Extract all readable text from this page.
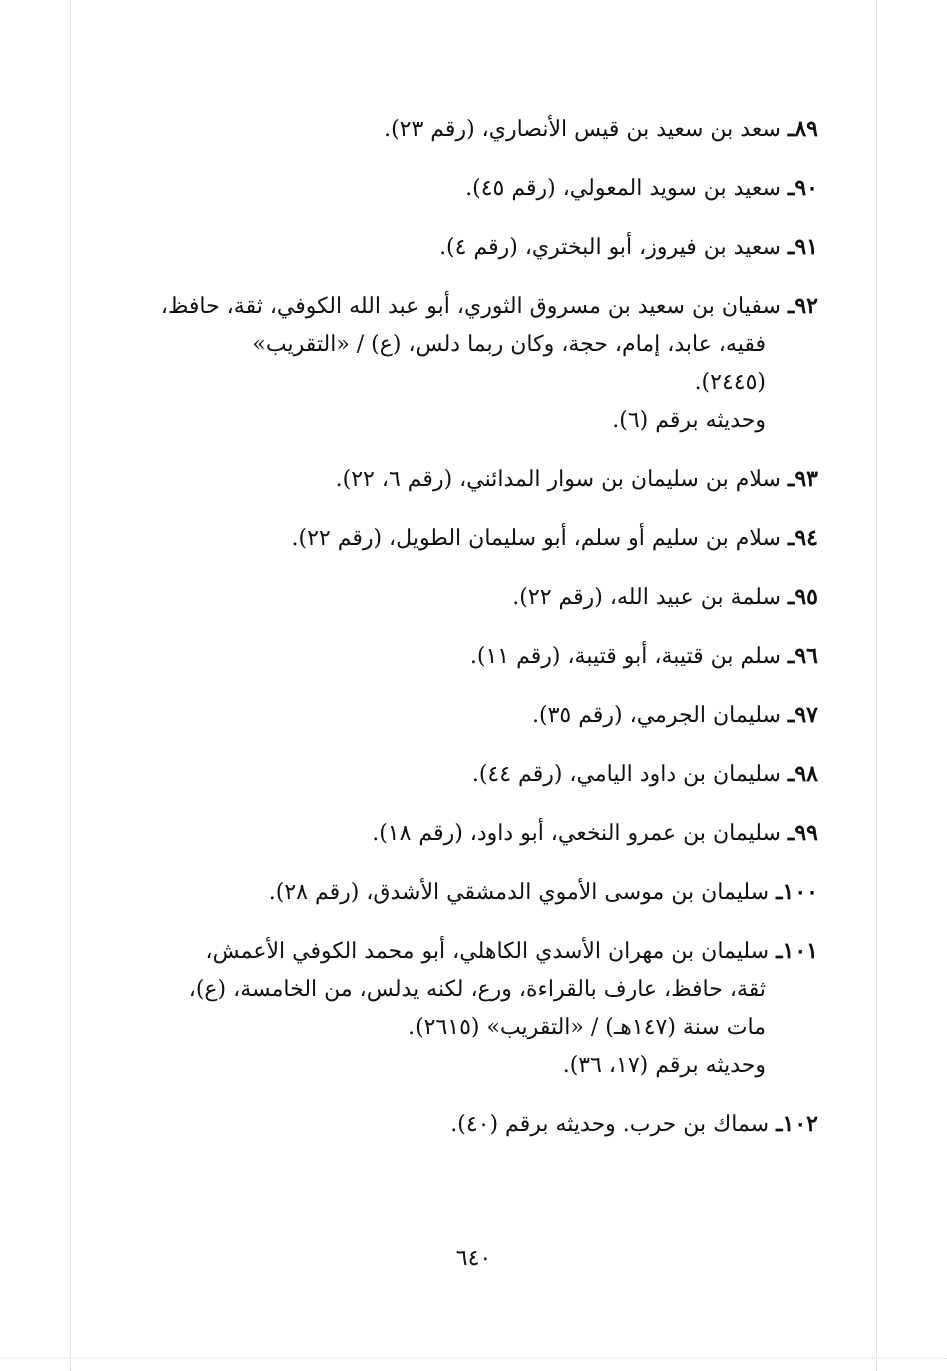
٨٩ـ سعد بن سعيد بن قيس الأنصاري، (رقم ٢٣).
٩٠ـ سعيد بن سويد المعولي، (رقم ٤٥).
٩١ـ سعيد بن فيروز، أبو البختري، (رقم ٤).
٩٢ـ سفيان بن سعيد بن مسروق الثوري، أبو عبد الله الكوفي، ثقة، حافظ،
فقيه، عابد، إمام، حجة، وكان ربما دلس، (ع) / «التقريب»
(٢٤٤٥).
وحديثه برقم (٦).
٩٣ـ سلام بن سليمان بن سوار المدائني، (رقم ٦، ٢٢).
٩٤ـ سلام بن سليم أو سلم، أبو سليمان الطويل، (رقم ٢٢).
٩٥ـ سلمة بن عبيد الله، (رقم ٢٢).
٩٦ـ سلم بن قتيبة، أبو قتيبة، (رقم ١١).
٩٧ـ سليمان الجرمي، (رقم ٣٥).
٩٨ـ سليمان بن داود اليامي، (رقم ٤٤).
٩٩ـ سليمان بن عمرو النخعي، أبو داود، (رقم ١٨).
١٠٠ـ سليمان بن موسى الأموي الدمشقي الأشدق، (رقم ٢٨).
١٠١ـ سليمان بن مهران الأسدي الكاهلي، أبو محمد الكوفي الأعمش،
ثقة، حافظ، عارف بالقراءة، ورع، لكنه يدلس، من الخامسة، (ع)،
مات سنة (١٤٧هـ) / «التقريب» (٢٦١٥).
وحديثه برقم (١٧، ٣٦).
١٠٢ـ سماك بن حرب. وحديثه برقم (٤٠).
٦٤٠
